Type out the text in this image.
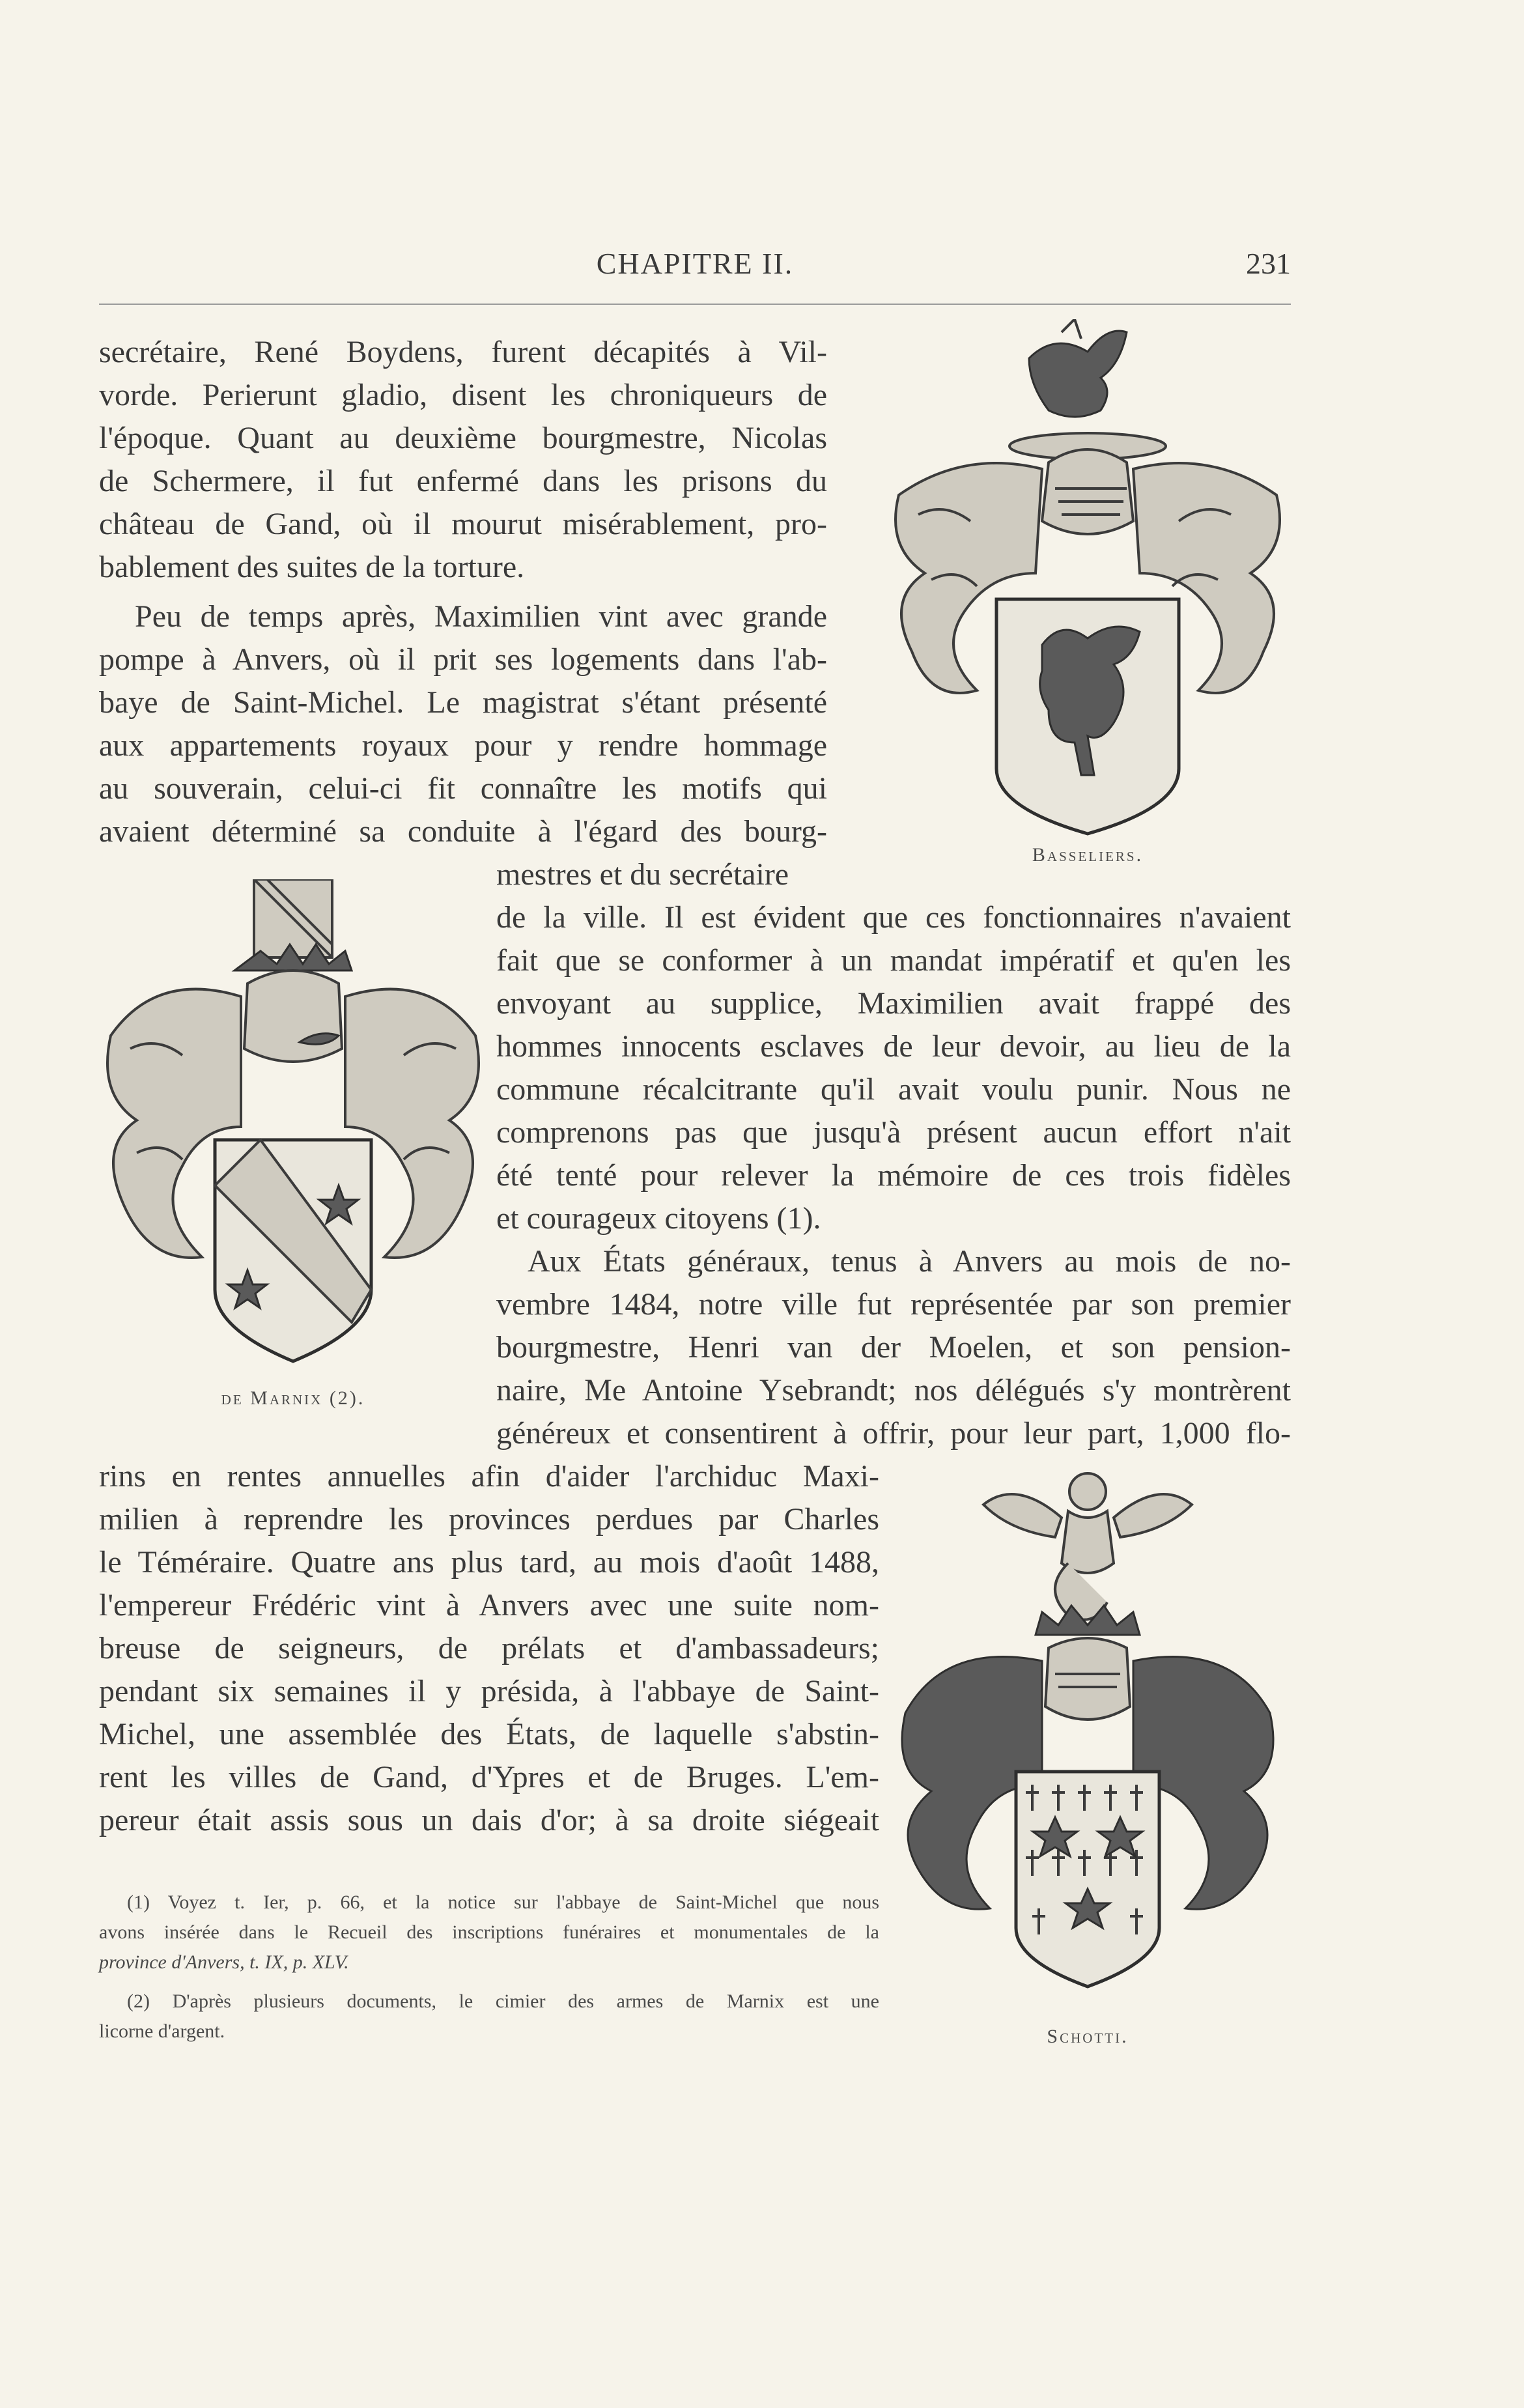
CHAPITRE II.	231
secrétaire, René Boydens, furent décapités à Vil-
vorde. Perierunt gladio, disent les chroniqueurs de
l'époque. Quant au deuxième bourgmestre, Nicolas
de Schermere, il fut enfermé dans les prisons du
château de Gand, où il mourut misérablement, pro-
bablement des suites de la torture.
Peu de temps après, Maximilien vint avec grande
pompe à Anvers, où il prit ses logements dans l'ab-
baye de Saint-Michel. Le magistrat s'étant présenté
aux appartements royaux pour y rendre hommage
au souverain, celui-ci fit connaître les motifs qui
avaient déterminé sa conduite à l'égard des bourg-
mestres et du secrétaire
de la ville. Il est évident que ces fonctionnaires n'avaient
fait que se conformer à un mandat impératif et qu'en les
envoyant au supplice, Maximilien avait frappé des
hommes innocents esclaves de leur devoir, au lieu de la
commune récalcitrante qu'il avait voulu punir. Nous ne
comprenons pas que jusqu'à présent aucun effort n'ait
été tenté pour relever la mémoire de ces trois fidèles
et courageux citoyens (1).
Aux États généraux, tenus à Anvers au mois de no-
vembre 1484, notre ville fut représentée par son premier
bourgmestre, Henri van der Moelen, et son pension-
naire, Me Antoine Ysebrandt; nos délégués s'y montrèrent
généreux et consentirent à offrir, pour leur part, 1,000 flo-
rins en rentes annuelles afin d'aider l'archiduc Maxi-
milien à reprendre les provinces perdues par Charles
le Téméraire. Quatre ans plus tard, au mois d'août 1488,
l'empereur Frédéric vint à Anvers avec une suite nom-
breuse de seigneurs, de prélats et d'ambassadeurs;
pendant six semaines il y présida, à l'abbaye de Saint-
Michel, une assemblée des États, de laquelle s'abstin-
rent les villes de Gand, d'Ypres et de Bruges. L'em-
pereur était assis sous un dais d'or; à sa droite siégeait
(1) Voyez t. Ier, p. 66, et la notice sur l'abbaye de Saint-Michel que nous
avons insérée dans le Recueil des inscriptions funéraires et monumentales de la
province d'Anvers, t. IX, p. XLV.
(2) D'après plusieurs documents, le cimier des armes de Marnix est une
licorne d'argent.
Basseliers.
de Marnix (2).
Schotti.
